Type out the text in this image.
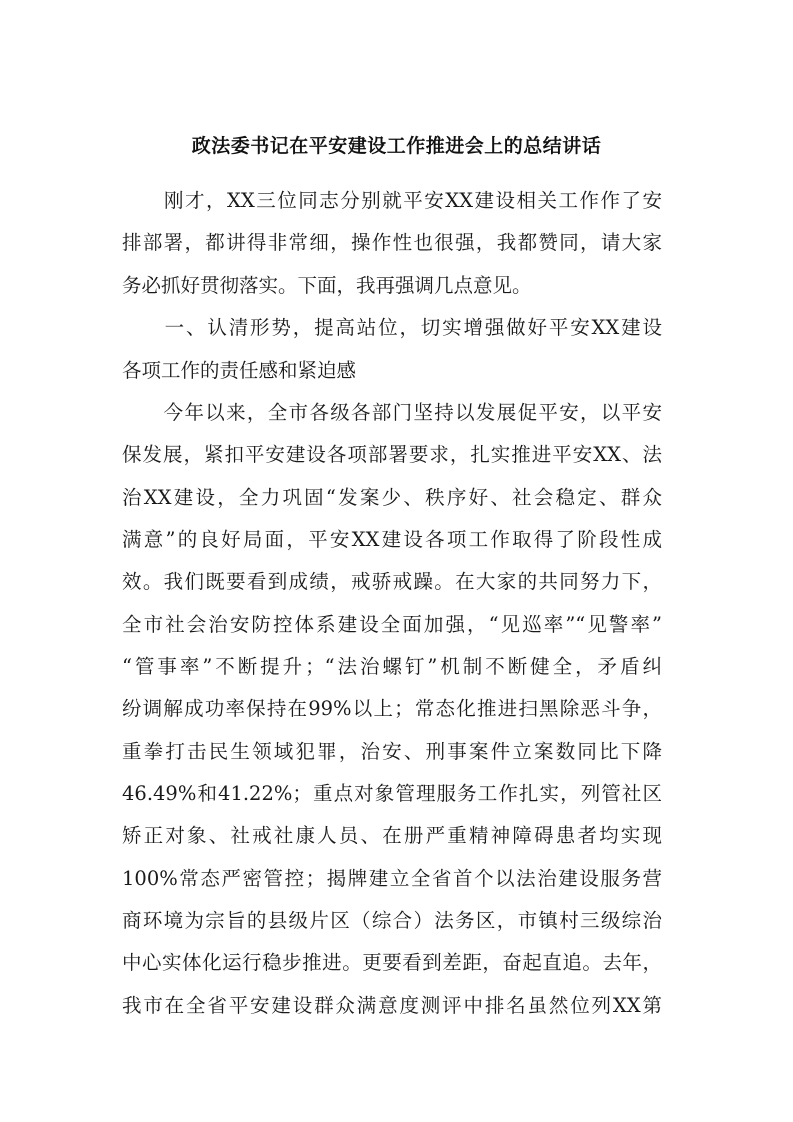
政法委书记在平安建设工作推进会上的总结讲话
　　刚才，XX三位同志分别就平安XX建设相关工作作了安
排部署，都讲得非常细，操作性也很强，我都赞同，请大家
务必抓好贯彻落实。下面，我再强调几点意见。
　　一、认清形势，提高站位，切实增强做好平安XX建设
各项工作的责任感和紧迫感
　　今年以来，全市各级各部门坚持以发展促平安，以平安
保发展，紧扣平安建设各项部署要求，扎实推进平安XX、法
治XX建设，全力巩固“发案少、秩序好、社会稳定、群众
满意”的良好局面，平安XX建设各项工作取得了阶段性成
效。我们既要看到成绩，戒骄戒躁。在大家的共同努力下，
全市社会治安防控体系建设全面加强，“见巡率”“见警率”
“管事率”不断提升；“法治螺钉”机制不断健全，矛盾纠
纷调解成功率保持在99%以上；常态化推进扫黑除恶斗争，
重拳打击民生领域犯罪，治安、刑事案件立案数同比下降
46.49%和41.22%；重点对象管理服务工作扎实，列管社区
矫正对象、社戒社康人员、在册严重精神障碍患者均实现
100%常态严密管控；揭牌建立全省首个以法治建设服务营
商环境为宗旨的县级片区（综合）法务区，市镇村三级综治
中心实体化运行稳步推进。更要看到差距，奋起直追。去年，
我市在全省平安建设群众满意度测评中排名虽然位列XX第
